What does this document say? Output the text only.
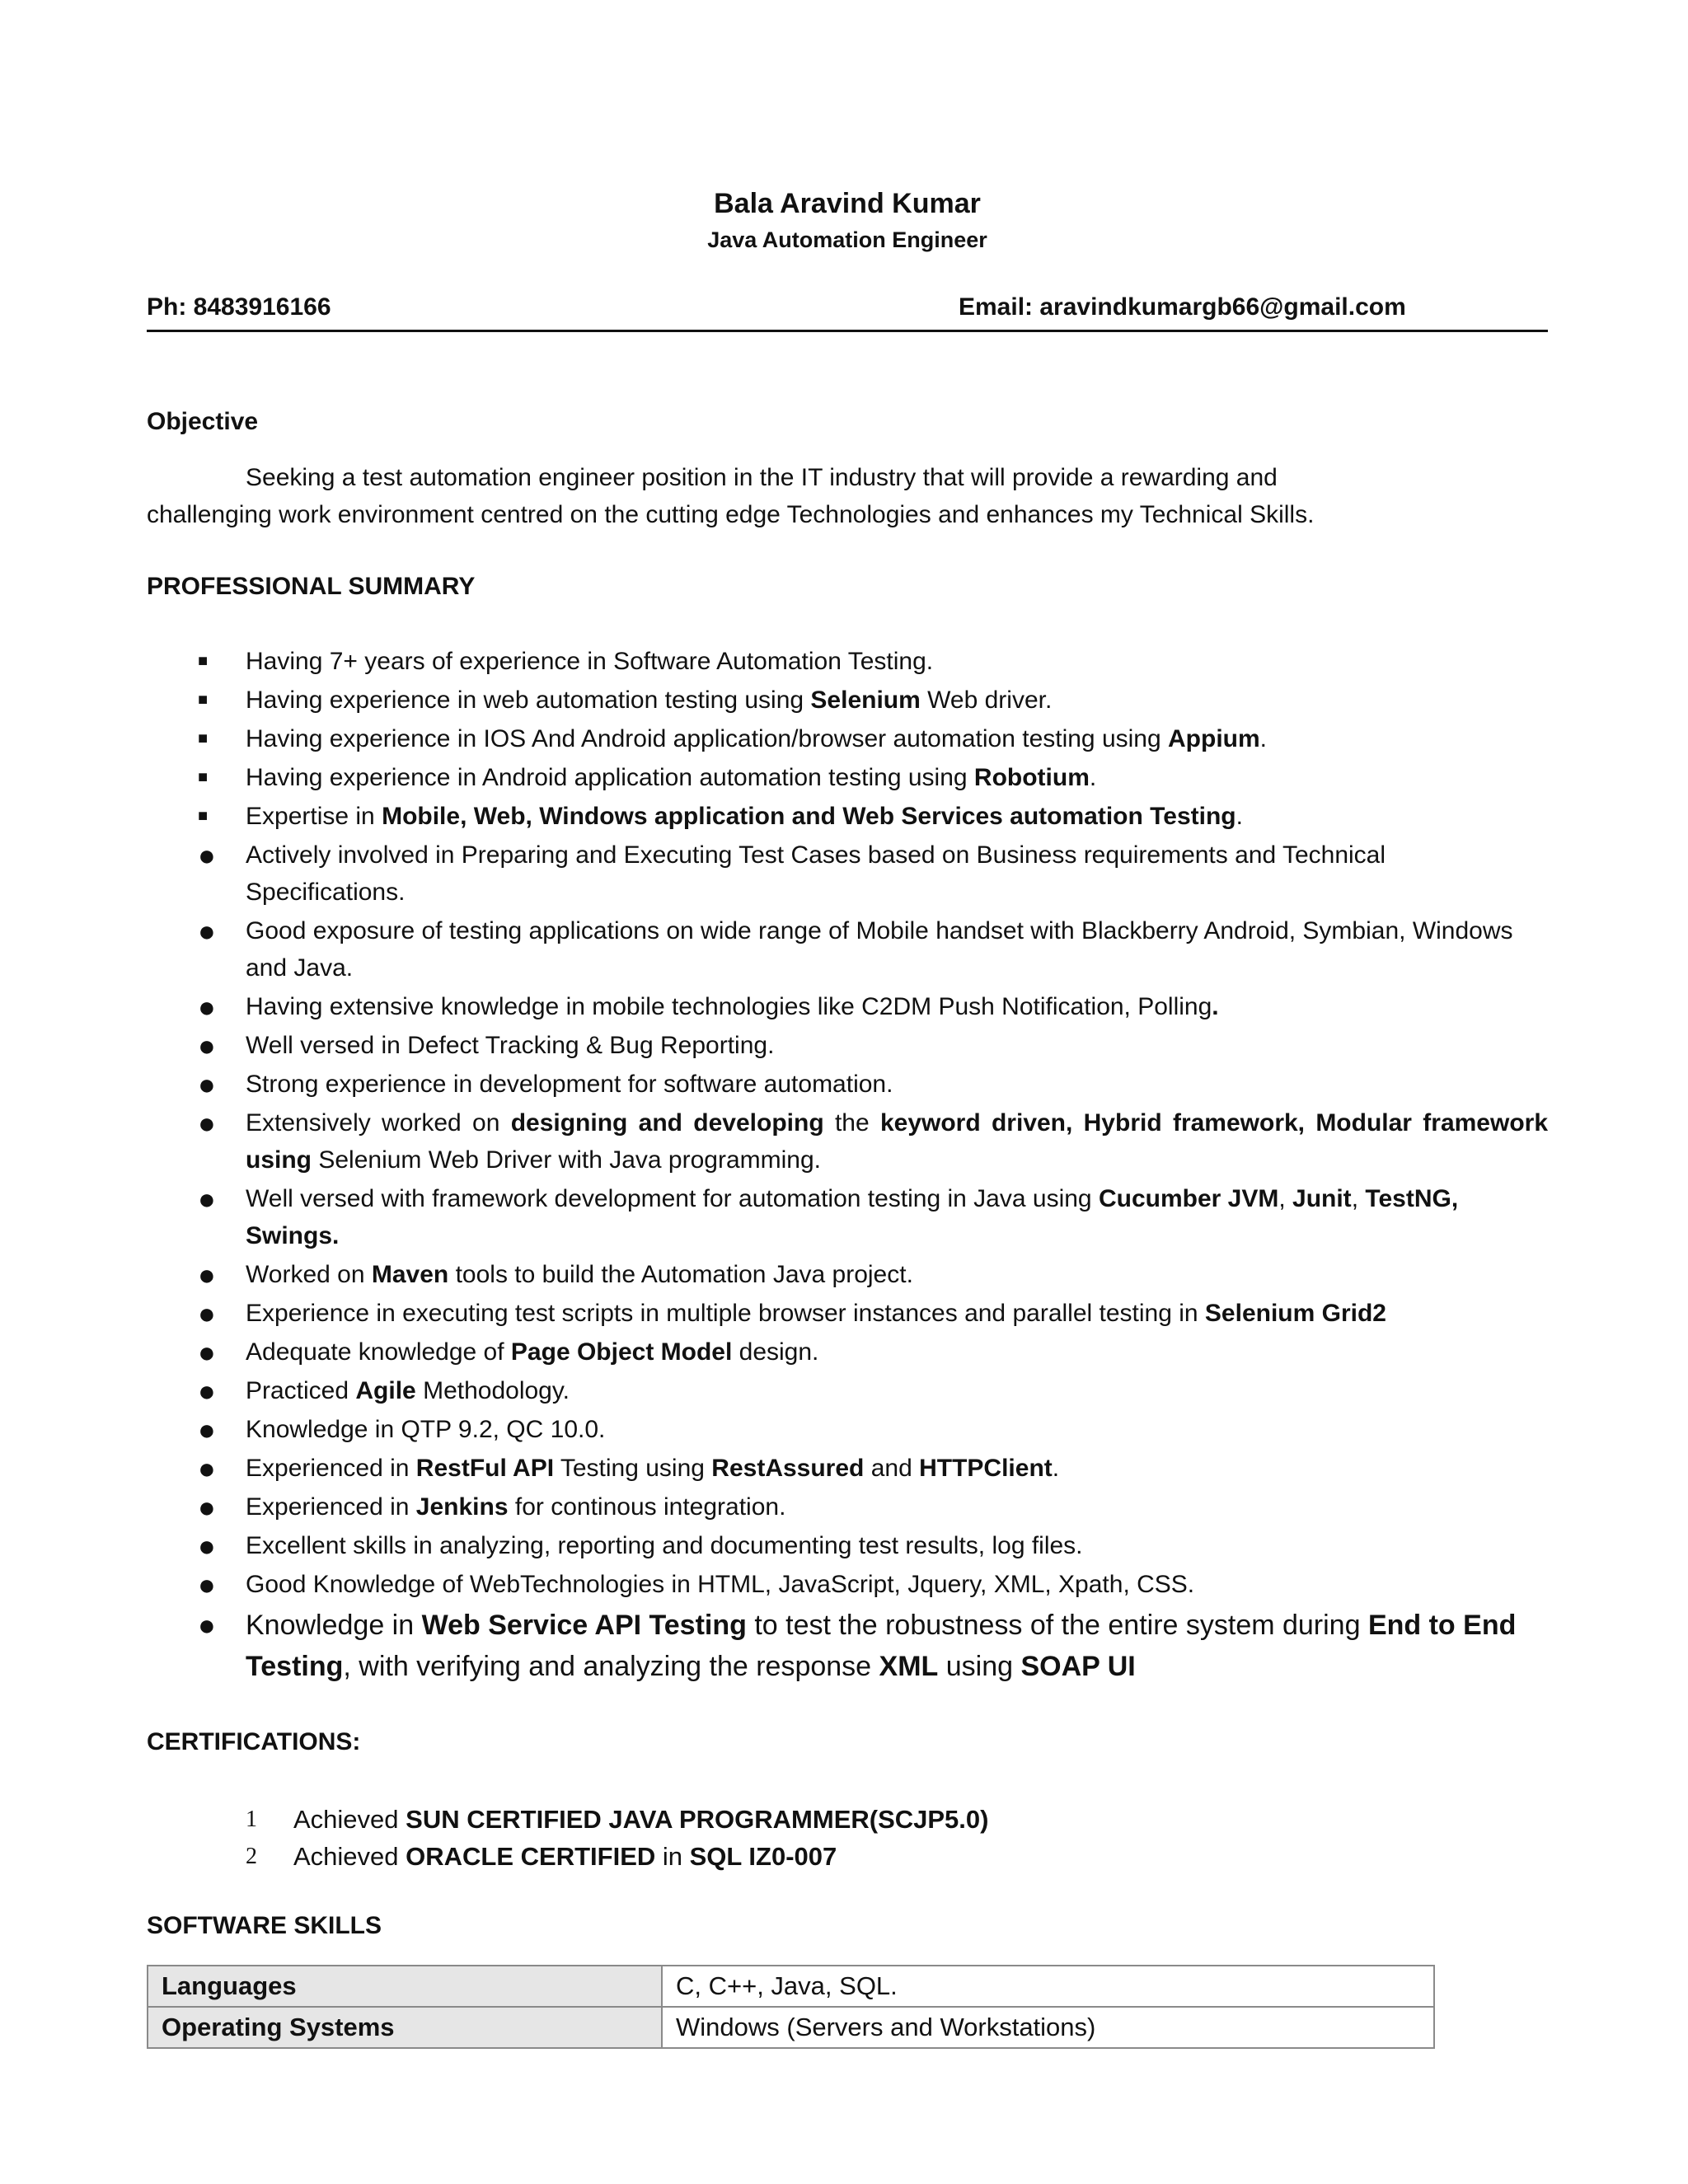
Bala Aravind Kumar
Java Automation Engineer
Ph: 8483916166	Email: aravindkumargb66@gmail.com
Objective
Seeking a test automation engineer position in the IT industry that will provide a rewarding and
challenging work environment centred on the cutting edge Technologies and enhances my Technical Skills.
PROFESSIONAL SUMMARY
■ Having 7+ years of experience in Software Automation Testing.
■ Having experience in web automation testing using Selenium Web driver.
■ Having experience in IOS And Android application/browser automation testing using Appium.
■ Having experience in Android application automation testing using Robotium.
■ Expertise in Mobile, Web, Windows application and Web Services automation Testing.
● Actively involved in Preparing and Executing Test Cases based on Business requirements and Technical Specifications.
● Good exposure of testing applications on wide range of Mobile handset with Blackberry Android, Symbian, Windows and Java.
● Having extensive knowledge in mobile technologies like C2DM Push Notification, Polling.
● Well versed in Defect Tracking & Bug Reporting.
● Strong experience in development for software automation.
● Extensively worked on designing and developing the keyword driven, Hybrid framework, Modular framework using Selenium Web Driver with Java programming.
● Well versed with framework development for automation testing in Java using Cucumber JVM, Junit, TestNG, Swings.
● Worked on Maven tools to build the Automation Java project.
● Experience in executing test scripts in multiple browser instances and parallel testing in Selenium Grid2
● Adequate knowledge of Page Object Model design.
● Practiced Agile Methodology.
● Knowledge in QTP 9.2, QC 10.0.
● Experienced in RestFul API Testing using RestAssured and HTTPClient.
● Experienced in Jenkins for continous integration.
● Excellent skills in analyzing, reporting and documenting test results, log files.
● Good Knowledge of WebTechnologies in HTML, JavaScript, Jquery, XML, Xpath, CSS.
● Knowledge in Web Service API Testing to test the robustness of the entire system during End to End Testing, with verifying and analyzing the response XML using SOAP UI
CERTIFICATIONS:
1 Achieved SUN CERTIFIED JAVA PROGRAMMER(SCJP5.0)
2 Achieved ORACLE CERTIFIED in SQL IZ0-007
SOFTWARE SKILLS
Languages	C, C++, Java, SQL.
Operating Systems	Windows (Servers and Workstations)
